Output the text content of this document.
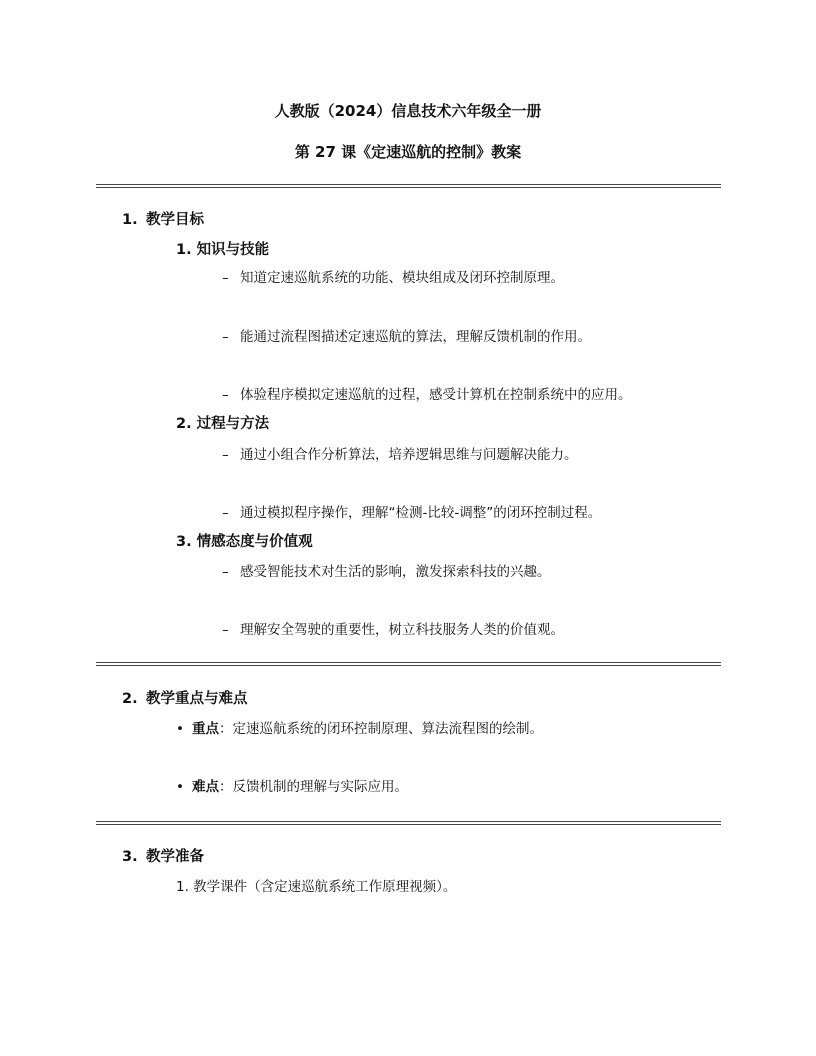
人教版（2024）信息技术六年级全一册
第 27 课《定速巡航的控制》教案
1. 教学目标
1. 知识与技能
– 知道定速巡航系统的功能、模块组成及闭环控制原理。
– 能通过流程图描述定速巡航的算法，理解反馈机制的作用。
– 体验程序模拟定速巡航的过程，感受计算机在控制系统中的应用。
2. 过程与方法
– 通过小组合作分析算法，培养逻辑思维与问题解决能力。
– 通过模拟程序操作，理解“检测-比较-调整”的闭环控制过程。
3. 情感态度与价值观
– 感受智能技术对生活的影响，激发探索科技的兴趣。
– 理解安全驾驶的重要性，树立科技服务人类的价值观。
2. 教学重点与难点
• 重点：定速巡航系统的闭环控制原理、算法流程图的绘制。
• 难点：反馈机制的理解与实际应用。
3. 教学准备
1. 教学课件（含定速巡航系统工作原理视频）。
